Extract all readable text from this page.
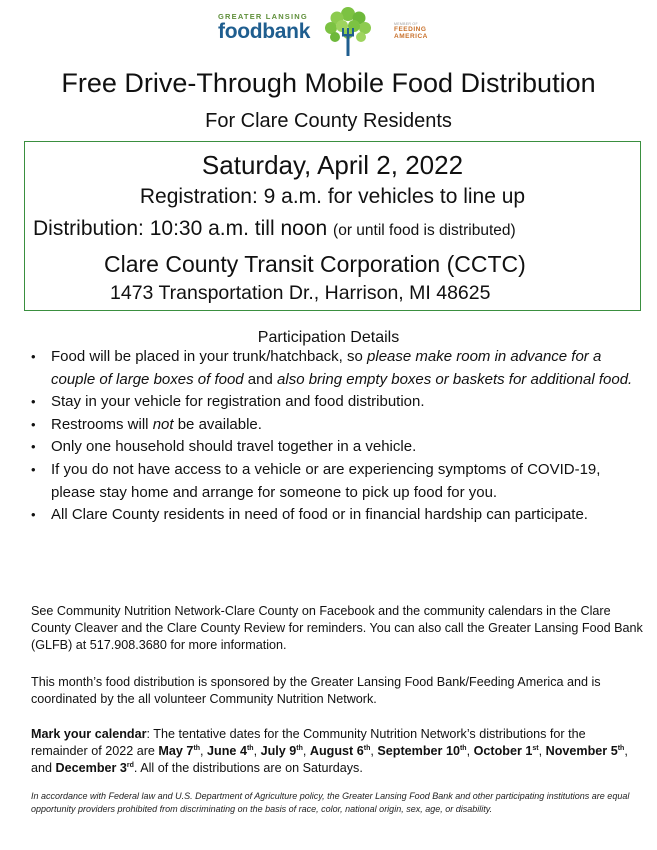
GREATER LANSING
foodbank	MEMBER OF
FEEDING
AMERICA
Free Drive-Through Mobile Food Distribution
For Clare County Residents
Saturday, April 2, 2022
Registration: 9 a.m. for vehicles to line up
Distribution: 10:30 a.m. till noon (or until food is distributed)
Clare County Transit Corporation (CCTC)
1473 Transportation Dr., Harrison, MI 48625
Participation Details
• Food will be placed in your trunk/hatchback, so please make room in advance for a couple of large boxes of food and also bring empty boxes or baskets for additional food.
• Stay in your vehicle for registration and food distribution.
• Restrooms will not be available.
• Only one household should travel together in a vehicle.
• If you do not have access to a vehicle or are experiencing symptoms of COVID-19, please stay home and arrange for someone to pick up food for you.
• All Clare County residents in need of food or in financial hardship can participate.
See Community Nutrition Network-Clare County on Facebook and the community calendars in the Clare County Cleaver and the Clare County Review for reminders. You can also call the Greater Lansing Food Bank (GLFB) at 517.908.3680 for more information.
This month’s food distribution is sponsored by the Greater Lansing Food Bank/Feeding America and is coordinated by the all volunteer Community Nutrition Network.
Mark your calendar: The tentative dates for the Community Nutrition Network’s distributions for the remainder of 2022 are May 7th, June 4th, July 9th, August 6th, September 10th, October 1st, November 5th, and December 3rd. All of the distributions are on Saturdays.
In accordance with Federal law and U.S. Department of Agriculture policy, the Greater Lansing Food Bank and other participating institutions are equal opportunity providers prohibited from discriminating on the basis of race, color, national origin, sex, age, or disability.
